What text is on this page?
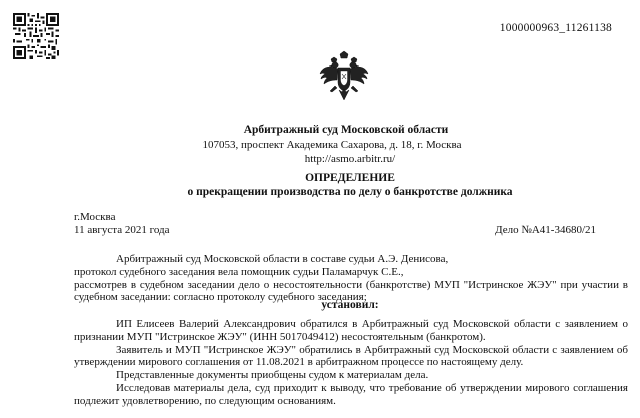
1000000963_11261138
Арбитражный суд Московской области
107053, проспект Академика Сахарова, д. 18, г. Москва
http://asmo.arbitr.ru/
ОПРЕДЕЛЕНИЕ
о прекращении производства по делу о банкротстве должника
г.Москва
11 августа 2021 года	Дело №А41-34680/21

Арбитражный суд Московской области в составе судьи А.Э. Денисова,

протокол судебного заседания вела помощник судьи Паламарчук С.Е.,

рассмотрев в судебном заседании дело о несостоятельности (банкротстве) МУП "Истринское ЖЭУ" при участии в судебном заседании: согласно протоколу судебного заседания;

установил:

ИП Елисеев Валерий Александрович обратился в Арбитражный суд Московской области с заявлением о признании МУП "Истринское ЖЭУ" (ИНН 5017049412) несостоятельным (банкротом).

Заявитель и МУП "Истринское ЖЭУ" обратились в Арбитражный суд Московской области с заявлением об утверждении мирового соглашения от 11.08.2021 в арбитражном процессе по настоящему делу.

Представленные документы приобщены судом к материалам дела.

Исследовав материалы дела, суд приходит к выводу, что требование об утверждении мирового соглашения подлежит удовлетворению, по следующим основаниям.
